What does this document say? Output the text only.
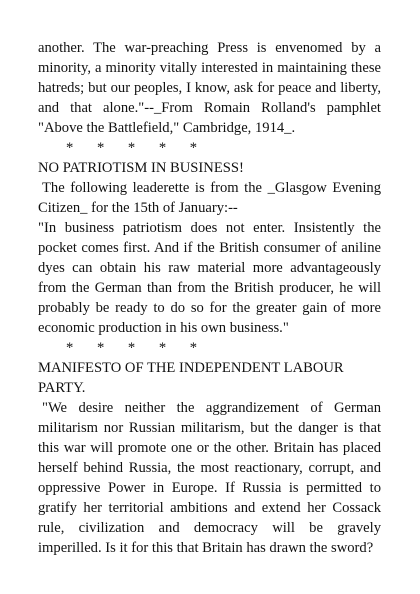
another. The war-preaching Press is envenomed by a minority, a minority vitally interested in maintaining these hatreds; but our peoples, I know, ask for peace and liberty, and that alone."--_From Romain Rolland's pamphlet "Above the Battlefield," Cambridge, 1914_.

* * * * *

NO PATRIOTISM IN BUSINESS!

The following leaderette is from the _Glasgow Evening Citizen_ for the 15th of January:--

"In business patriotism does not enter. Insistently the pocket comes first. And if the British consumer of aniline dyes can obtain his raw material more advantageously from the German than from the British producer, he will probably be ready to do so for the greater gain of more economic production in his own business."

* * * * *

MANIFESTO OF THE INDEPENDENT LABOUR PARTY.

"We desire neither the aggrandizement of German militarism nor Russian militarism, but the danger is that this war will promote one or the other. Britain has placed herself behind Russia, the most reactionary, corrupt, and oppressive Power in Europe. If Russia is permitted to gratify her territorial ambitions and extend her Cossack rule, civilization and democracy will be gravely imperilled. Is it for this that Britain has drawn the sword?
